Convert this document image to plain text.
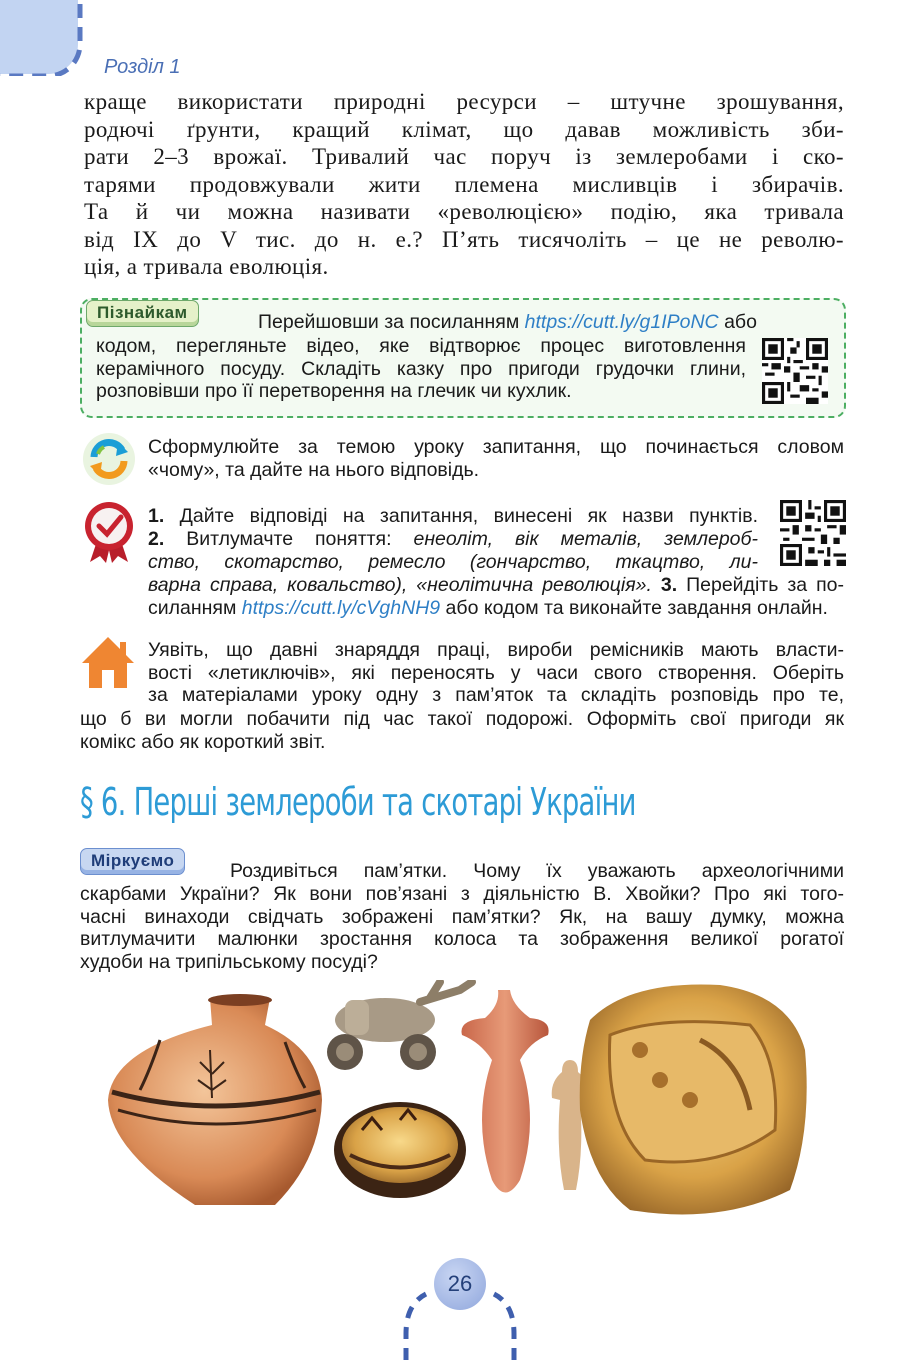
Розділ 1
краще використати природні ресурси – штучне зрошування,
родючі ґрунти, кращий клімат, що давав можливість зби-
рати 2–3 врожаї. Тривалий час поруч із землеробами і ско-
тарями продовжували жити племена мисливців і збирачів.
Та й чи можна називати «революцією» подію, яка тривала
від IX до V тис. до н. е.? П’ять тисячоліть – це не револю-
ція, а тривала еволюція.
Пізнайкам	Перейшовши за посиланням https://cutt.ly/g1IPoNC або
кодом, перегляньте відео, яке відтворює процес виготовлення
керамічного посуду. Складіть казку про пригоди грудочки глини,
розповівши про її перетворення на глечик чи кухлик.
Сформулюйте за темою уроку запитання, що починається словом
«чому», та дайте на нього відповідь.
1. Дайте відповіді на запитання, винесені як назви пунктів.
2. Витлумачте поняття: енеоліт, вік металів, землероб-
ство, скотарство, ремесло (гончарство, ткацтво, ли-
варна справа, ковальство), «неолітична революція». 3. Перейдіть за по-
силанням https://cutt.ly/cVghNH9 або кодом та виконайте завдання онлайн.
Уявіть, що давні знаряддя праці, вироби ремісників мають власти-
вості «летиключів», які переносять у часи свого створення. Оберіть
за матеріалами уроку одну з пам’яток та складіть розповідь про те,
що б ви могли побачити під час такої подорожі. Оформіть свої пригоди як
комікс або як короткий звіт.
§ 6. Перші землероби та скотарі України
Міркуємо	Роздивіться пам’ятки. Чому їх уважають археологічними
скарбами України? Як вони пов’язані з діяльністю В. Хвойки? Про які того-
часні винаходи свідчать зображені пам’ятки? Як, на вашу думку, можна
витлумачити малюнки зростання колоса та зображення великої рогатої
худоби на трипільському посуді?
26
